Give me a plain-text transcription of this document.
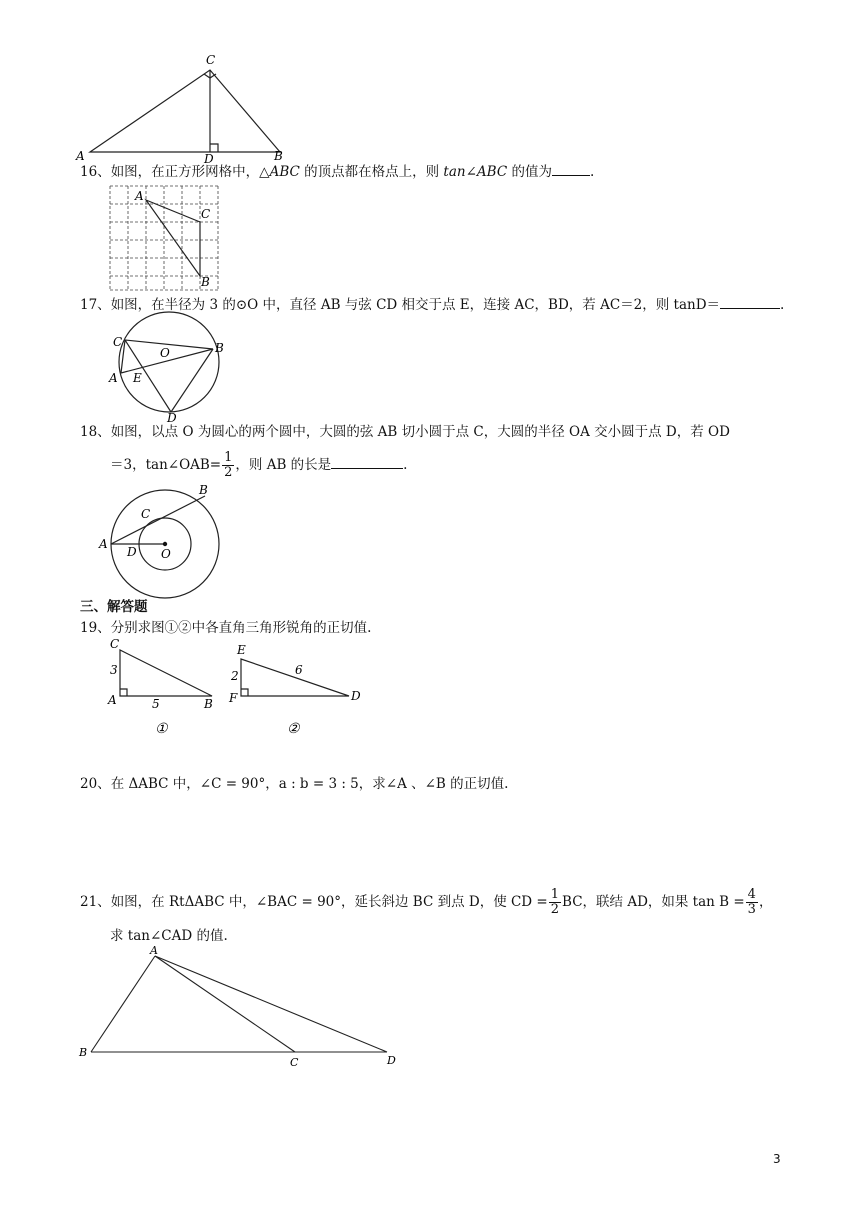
A
C
D	B
16、如图，在正方形网格中，△ABC 的顶点都在格点上，则 tan∠ABC 的值为	.
A
C
B
17、如图，在半径为 3 的⊙O 中，直径 AB 与弦 CD 相交于点 E，连接 AC，BD，若 AC＝2，则 tanD＝	.
C
O	B
A E
D
18、如图，以点 O 为圆心的两个圆中，大圆的弦 AB 切小圆于点 C，大圆的半径 OA 交小圆于点 D，若 OD
＝3，tan∠OAB= $\frac{1}{2}$ ，则 AB 的长是	.
B
C
A
D O
三、解答题
19、分别求图①②中各直角三角形锐角的正切值.
C
3
A	5	B
①
E
2
F
6
D
②
20、在 ΔABC 中，∠C = 90°，a : b = 3 : 5，求∠A 、∠B 的正切值.
21、如图，在 RtΔABC 中，∠BAC = 90°，延长斜边 BC 到点 D，使 CD = $\frac{1}{2}$ BC，联结 AD，如果 $\tan B = \frac{4}{3}$ ，
求 tan∠CAD 的值.
A
B
C	D
3
